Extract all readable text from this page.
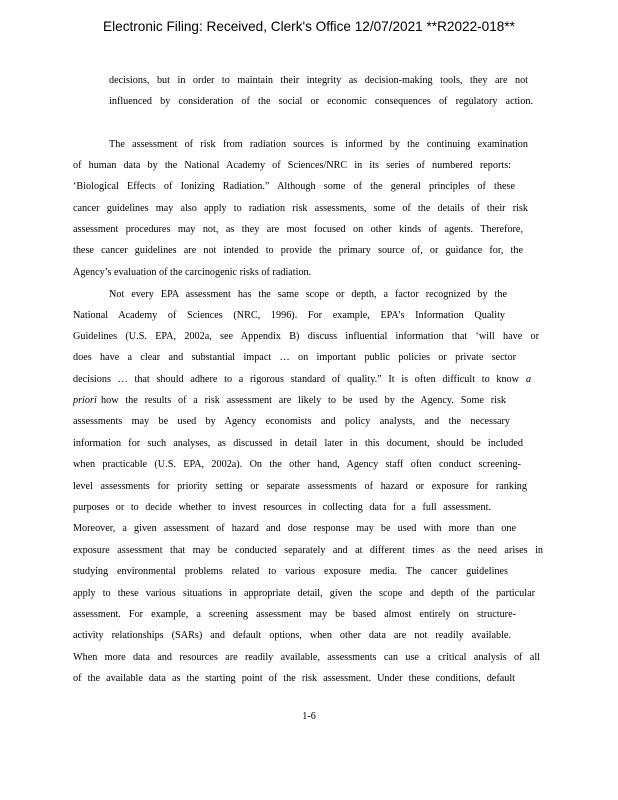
Electronic Filing: Received, Clerk's Office 12/07/2021 **R2022-018**
decisions, but in order to maintain their integrity as decision-making tools, they are not
influenced by consideration of the social or economic consequences of regulatory action.
The assessment of risk from radiation sources is informed by the continuing examination
of human data by the National Academy of Sciences/NRC in its series of numbered reports:
‘Biological Effects of Ionizing Radiation.” Although some of the general principles of these
cancer guidelines may also apply to radiation risk assessments, some of the details of their risk
assessment procedures may not, as they are most focused on other kinds of agents. Therefore,
these cancer guidelines are not intended to provide the primary source of, or guidance for, the
Agency’s evaluation of the carcinogenic risks of radiation.
Not every EPA assessment has the same scope or depth, a factor recognized by the
National Academy of Sciences (NRC, 1996). For example, EPA’s Information Quality
Guidelines (U.S. EPA, 2002a, see Appendix B) discuss influential information that ‘will have or
does have a clear and substantial impact … on important public policies or private sector
decisions … that should adhere to a rigorous standard of quality.” It is often difficult to know a
priori how the results of a risk assessment are likely to be used by the Agency. Some risk
assessments may be used by Agency economists and policy analysts, and the necessary
information for such analyses, as discussed in detail later in this document, should be included
when practicable (U.S. EPA, 2002a). On the other hand, Agency staff often conduct screening-
level assessments for priority setting or separate assessments of hazard or exposure for ranking
purposes or to decide whether to invest resources in collecting data for a full assessment.
Moreover, a given assessment of hazard and dose response may be used with more than one
exposure assessment that may be conducted separately and at different times as the need arises in
studying environmental problems related to various exposure media. The cancer guidelines
apply to these various situations in appropriate detail, given the scope and depth of the particular
assessment. For example, a screening assessment may be based almost entirely on structure-
activity relationships (SARs) and default options, when other data are not readily available.
When more data and resources are readily available, assessments can use a critical analysis of all
of the available data as the starting point of the risk assessment. Under these conditions, default
1-6
